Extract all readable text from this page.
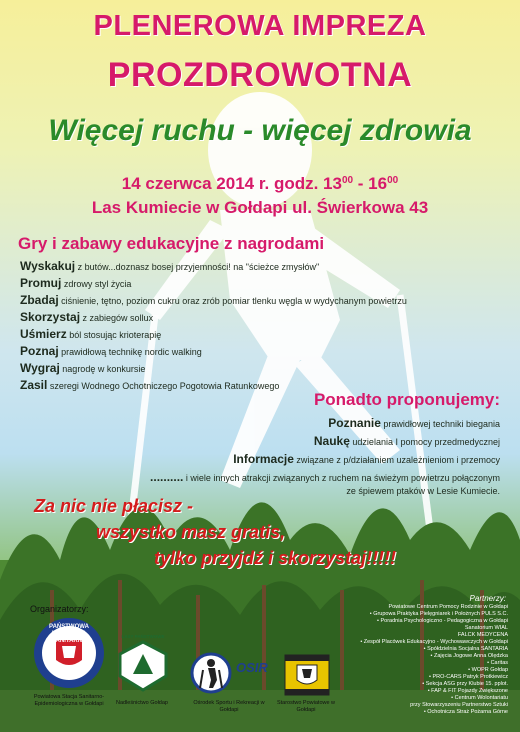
PLENEROWA IMPREZA
PROZDROWOTNA
Więcej ruchu - więcej zdrowia
14 czerwca 2014 r. godz. $13^{00} - 16^{00}$
Las Kumiecie w Gołdapi ul. Świerkowa 43
Gry i zabawy edukacyjne z nagrodami
Wyskakuj z butów...doznasz bosej przyjemności! na "ścieżce zmysłów"
Promuj zdrowy styl życia
Zbadaj ciśnienie, tętno, poziom cukru oraz zrób pomiar tlenku węgla w wydychanym powietrzu
Skorzystaj z zabiegów sollux
Uśmierz ból stosując krioterapię
Poznaj prawidłową technikę nordic walking
Wygraj nagrodę w konkursie
Zasil szeregi Wodnego Ochotniczego Pogotowia Ratunkowego
Ponadto proponujemy:
Poznanie prawidłowej techniki biegania
Naukę udzielania I pomocy przedmedycznej
Informacje związane z p/działaniem uzależnieniom i przemocy
.......... i wiele innych atrakcji związanych z ruchem na świeżym powietrzu połączonym
ze śpiewem ptaków w Lesie Kumiecie.
Za nic nie płacisz -
wszystko masz gratis,
tylko przyjdź i skorzystaj!!!!!
Organizatorzy:
PAŃSTWOWA INSPEKCJA SANITARNA
Powiatowa Stacja Sanitarno-Epidemiologiczna w Gołdapi
LASY PAŃSTWOWE
Nadleśnictwo Gołdap
OSIR
Ośrodek Sportu i Rekreacji w Gołdapi
Starostwo Powiatowe w Gołdapi
Partnerzy:
Powiatowe Centrum Pomocy Rodzinie w Gołdapi
• Grupowa Praktyka Pielęgniarek i Położnych PULS S.C.
• Poradnia Psychologiczno - Pedagogiczna w Gołdapi
Sanatorium WIAL
FALCK MEDYCENA
• Zespół Placówek Edukacyjno - Wychowawczych w Gołdapi
• Spółdzielnia Socjalna SANTARIA
• Zajęcia Jogowe Anna Olędzka
• Caritas
• WOPR Gołdap
• PRO-CARS Patryk Protkiewicz
• Sekcja ASG przy Klubie 15. pplot.
• FAP & FIT Pojazdy Zwiększone
• Centrum Wolontariatu
przy Stowarzyszeniu Partnerstwo Sztuki
• Ochotnicza Straż Pożarna Górne
